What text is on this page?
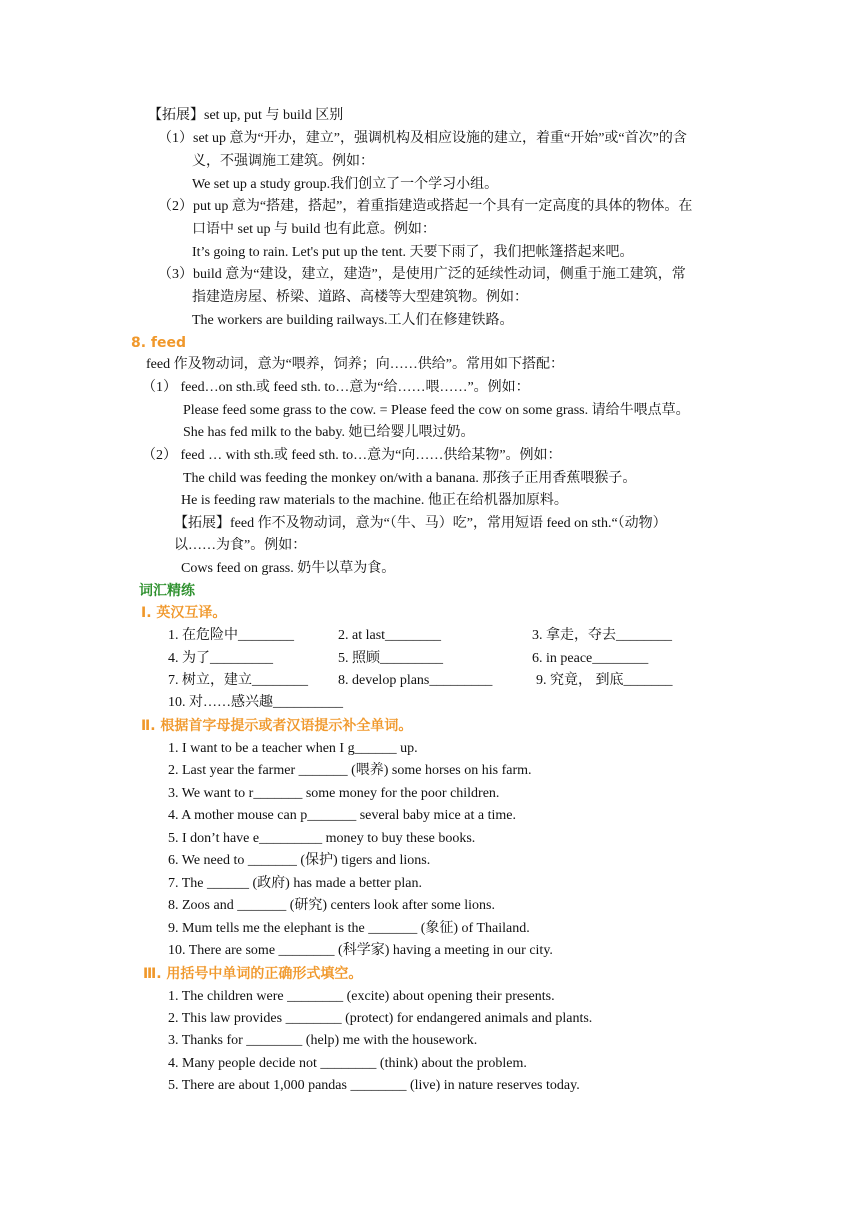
【拓展】set up, put 与 build 区别
（1）set up 意为“开办，建立”，强调机构及相应设施的建立，着重“开始”或“首次”的含
义，不强调施工建筑。例如：
We set up a study group.我们创立了一个学习小组。
（2）put up 意为“搭建，搭起”，着重指建造或搭起一个具有一定高度的具体的物体。在
口语中 set up 与 build 也有此意。例如：
It’s going to rain. Let's put up the tent. 天要下雨了，我们把帐篷搭起来吧。
（3）build 意为“建设，建立，建造”，是使用广泛的延续性动词，侧重于施工建筑，常
指建造房屋、桥梁、道路、高楼等大型建筑物。例如：
The workers are building railways.工人们在修建铁路。
8. feed
feed 作及物动词，意为“喂养，饲养；向……供给”。常用如下搭配：
（1） feed…on sth.或 feed sth. to…意为“给……喂……”。例如：
Please feed some grass to the cow. = Please feed the cow on some grass. 请给牛喂点草。
She has fed milk to the baby. 她已给婴儿喂过奶。
（2） feed … with sth.或 feed sth. to…意为“向……供给某物”。例如：
The child was feeding the monkey on/with a banana. 那孩子正用香蕉喂猴子。
He is feeding raw materials to the machine. 他正在给机器加原料。
【拓展】feed 作不及物动词，意为“（牛、马）吃”，常用短语 feed on sth.“（动物）
以……为食”。例如：
Cows feed on grass. 奶牛以草为食。
词汇精练
Ⅰ. 英汉互译。
1. 在危险中________	2. at last________	3. 拿走，夺去________
4. 为了_________	5. 照顾_________	6. in peace________
7. 树立，建立________ 8. develop plans_________	9. 究竟， 到底_______
10. 对……感兴趣__________
Ⅱ. 根据首字母提示或者汉语提示补全单词。
1. I want to be a teacher when I g______ up.
2. Last year the farmer _______ (喂养) some horses on his farm.
3. We want to r_______ some money for the poor children.
4. A mother mouse can p_______ several baby mice at a time.
5. I don’t have e_________ money to buy these books.
6. We need to _______ (保护) tigers and lions.
7. The ______ (政府) has made a better plan.
8. Zoos and _______ (研究) centers look after some lions.
9. Mum tells me the elephant is the _______ (象征) of Thailand.
10. There are some ________ (科学家) having a meeting in our city.
Ⅲ. 用括号中单词的正确形式填空。
1. The children were ________ (excite) about opening their presents.
2. This law provides ________ (protect) for endangered animals and plants.
3. Thanks for ________ (help) me with the housework.
4. Many people decide not ________ (think) about the problem.
5. There are about 1,000 pandas ________ (live) in nature reserves today.
